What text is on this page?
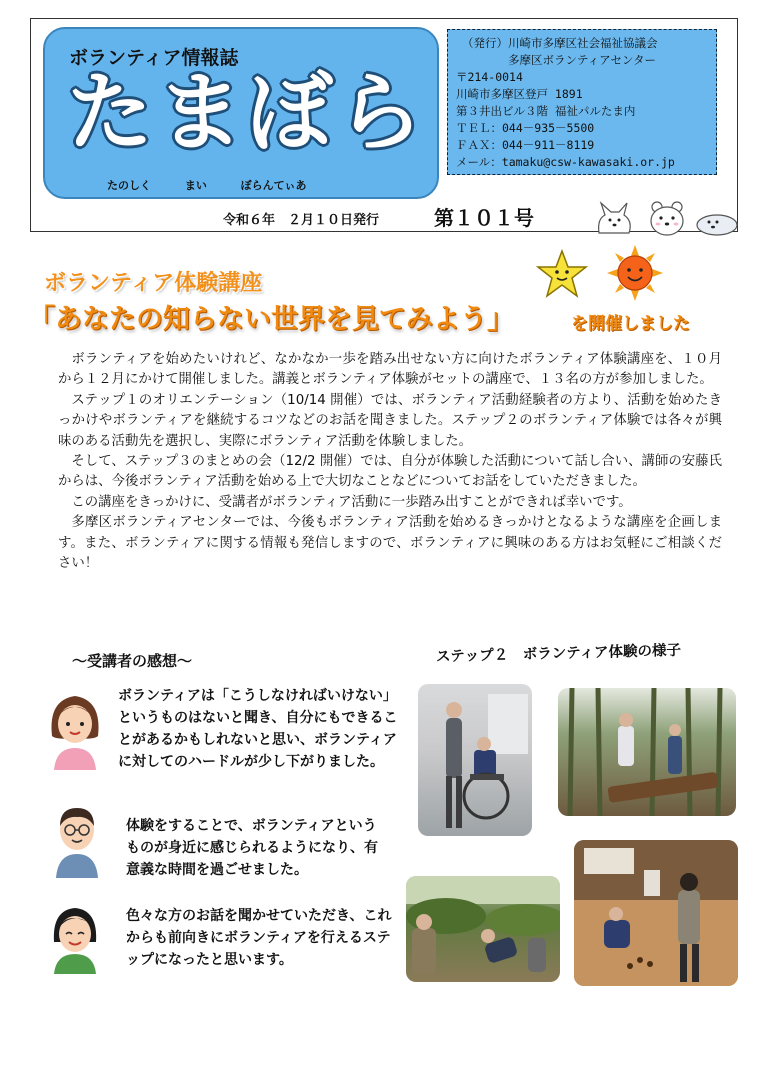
ボランティア情報誌
たまぼら
たのしく まい ぼらんてぃあ
（発行）川崎市多摩区社会福祉協議会
多摩区ボランティアセンター
〒214-0014
川崎市多摩区登戸 1891
第３井出ビル３階 福祉パルたま内
ＴＥＬ：044－935－5500
ＦＡＸ：044－911－8119
メール：tamaku@csw-kawasaki.or.jp
令和６年　２月１０日発行	第１０１号
ボランティア体験講座
「あなたの知らない世界を見てみよう」	を開催しました

ボランティアを始めたいけれど、なかなか一歩を踏み出せない方に向けたボランティア体験講座を、１０月から１２月にかけて開催しました。講義とボランティア体験がセットの講座で、１３名の方が参加しました。

ステップ１のオリエンテーション（10/14 開催）では、ボランティア活動経験者の方より、活動を始めたきっかけやボランティアを継続するコツなどのお話を聞きました。ステップ２のボランティア体験では各々が興味のある活動先を選択し、実際にボランティア活動を体験しました。

そして、ステップ３のまとめの会（12/2 開催）では、自分が体験した活動について話し合い、講師の安藤氏からは、今後ボランティア活動を始める上で大切なことなどについてお話をしていただきました。

この講座をきっかけに、受講者がボランティア活動に一歩踏み出すことができれば幸いです。

多摩区ボランティアセンターでは、今後もボランティア活動を始めるきっかけとなるような講座を企画します。また、ボランティアに関する情報も発信しますので、ボランティアに興味のある方はお気軽にご相談ください！

～受講者の感想～
ボランティアは「こうしなければいけない」というものはないと聞き、自分にもできることがあるかもしれないと思い、ボランティアに対してのハードルが少し下がりました。
体験をすることで、ボランティアというものが身近に感じられるようになり、有意義な時間を過ごせました。
色々な方のお話を聞かせていただき、これからも前向きにボランティアを行えるステップになったと思います。
ステップ２　ボランティア体験の様子
